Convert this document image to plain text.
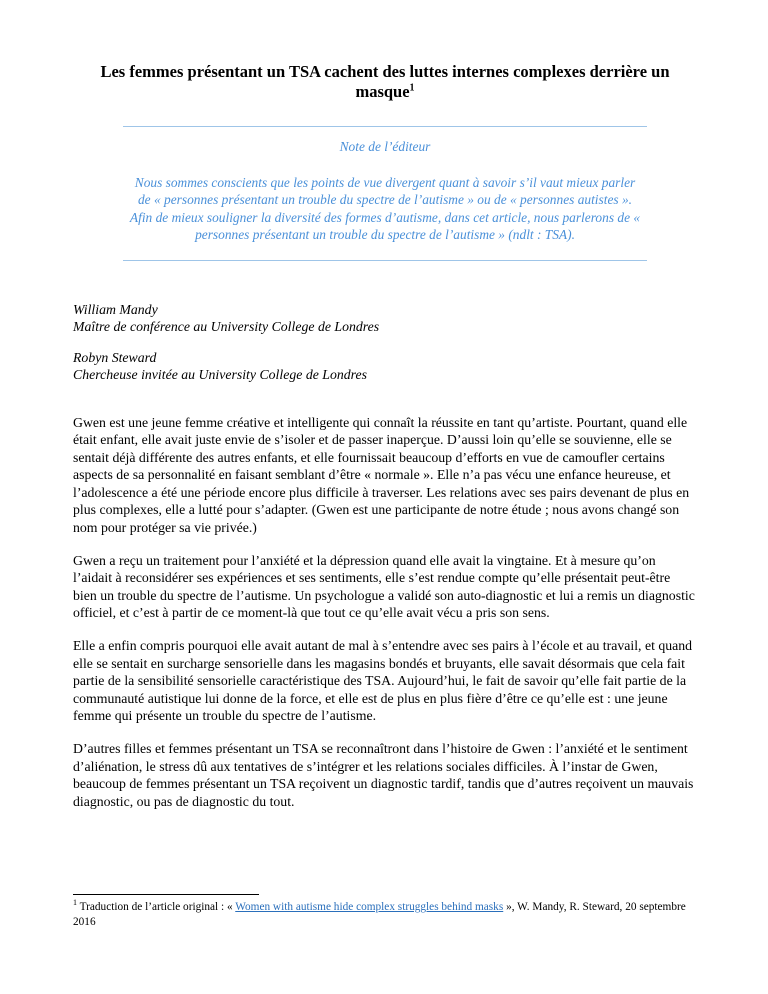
Les femmes présentant un TSA cachent des luttes internes complexes derrière un masque$^1$

Note de l’éditeur

Nous sommes conscients que les points de vue divergent quant à savoir s’il vaut mieux parler de « personnes présentant un trouble du spectre de l’autisme » ou de « personnes autistes ». Afin de mieux souligner la diversité des formes d’autisme, dans cet article, nous parlerons de « personnes présentant un trouble du spectre de l’autisme » (ndlt : TSA).

William Mandy

Maître de conférence au University College de Londres

Robyn Steward

Chercheuse invitée au University College de Londres

Gwen est une jeune femme créative et intelligente qui connaît la réussite en tant qu’artiste. Pourtant, quand elle était enfant, elle avait juste envie de s’isoler et de passer inaperçue. D’aussi loin qu’elle se souvienne, elle se sentait déjà différente des autres enfants, et elle fournissait beaucoup d’efforts en vue de camoufler certains aspects de sa personnalité en faisant semblant d’être « normale ». Elle n’a pas vécu une enfance heureuse, et l’adolescence a été une période encore plus difficile à traverser. Les relations avec ses pairs devenant de plus en plus complexes, elle a lutté pour s’adapter. (Gwen est une participante de notre étude ; nous avons changé son nom pour protéger sa vie privée.)

Gwen a reçu un traitement pour l’anxiété et la dépression quand elle avait la vingtaine. Et à mesure qu’on l’aidait à reconsidérer ses expériences et ses sentiments, elle s’est rendue compte qu’elle présentait peut-être bien un trouble du spectre de l’autisme. Un psychologue a validé son auto-diagnostic et lui a remis un diagnostic officiel, et c’est à partir de ce moment-là que tout ce qu’elle avait vécu a pris son sens.

Elle a enfin compris pourquoi elle avait autant de mal à s’entendre avec ses pairs à l’école et au travail, et quand elle se sentait en surcharge sensorielle dans les magasins bondés et bruyants, elle savait désormais que cela fait partie de la sensibilité sensorielle caractéristique des TSA. Aujourd’hui, le fait de savoir qu’elle fait partie de la communauté autistique lui donne de la force, et elle est de plus en plus fière d’être ce qu’elle est : une jeune femme qui présente un trouble du spectre de l’autisme.

D’autres filles et femmes présentant un TSA se reconnaîtront dans l’histoire de Gwen : l’anxiété et le sentiment d’aliénation, le stress dû aux tentatives de s’intégrer et les relations sociales difficiles. À l’instar de Gwen, beaucoup de femmes présentant un TSA reçoivent un diagnostic tardif, tandis que d’autres reçoivent un mauvais diagnostic, ou pas de diagnostic du tout.

$^1$ Traduction de l’article original : « Women with autisme hide complex struggles behind masks », W. Mandy, R. Steward, 20 septembre 2016
